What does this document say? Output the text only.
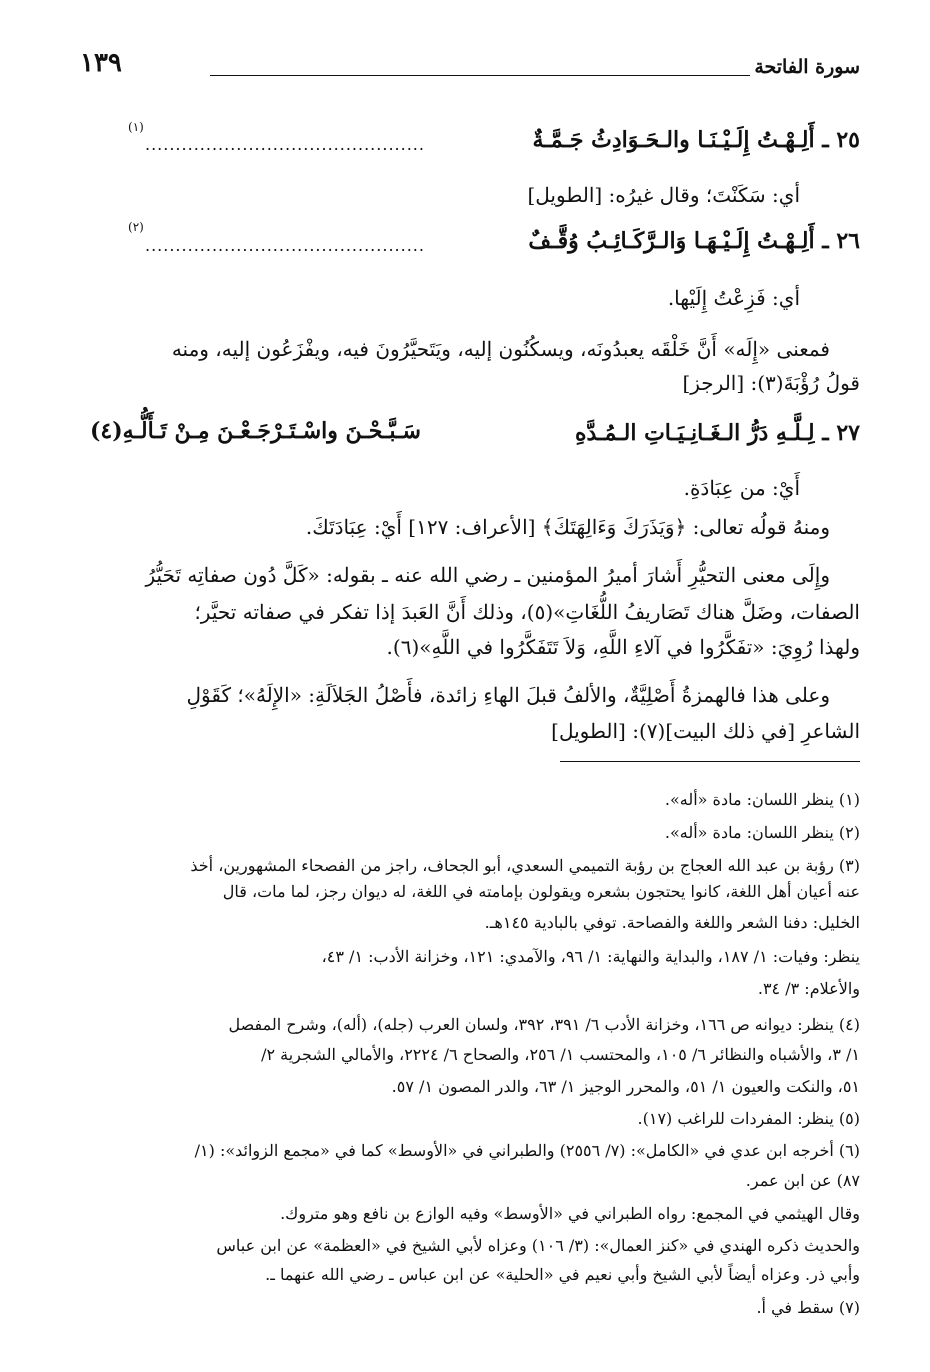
سورة الفاتحة
١٣٩
٢٥ ـ أَلِـهْـتُ إِلَـيْـنَـا والـحَـوَادِثُ جَـمَّـةٌ
..............................................
(١)
أي: سَكَنْتَ؛ وقال غيرُه: [الطويل]
٢٦ ـ أَلِـهْـتُ إِلَـيْـهَـا وَالـرَّكَـائِـبُ وُقَّـفٌ
..............................................
(٢)
أي: فَزِعْتُ إِلَيْها.
فمعنى «إِلَه» أَنَّ خَلْقَه يعبدُونَه، ويسكُنُون إليه، ويَتَحيَّرُونَ فيه، ويفْزَعُون إليه، ومنه
قولُ رُؤْبَةَ(٣): [الرجز]
٢٧ ـ لِـلَّـهِ دَرُّ الـغَـانِـيَـاتِ الـمُـدَّهِ
سَـبَّـحْـنَ واسْـتَـرْجَـعْـنَ مِـنْ تَـأَلُّـهِ(٤)
أَيْ: من عِبَادَةِ.
ومنهُ قولُه تعالى: ﴿وَيَذَرَكَ وَءَالِهَتَكَ﴾ [الأعراف: ١٢٧] أَيْ: عِبَادَتَكَ.
وإِلَى معنى التحيُّرِ أَشارَ أميرُ المؤمنين ـ رضي الله عنه ـ بقوله: «كَلَّ دُون صفاتِه تَحَيُّرُ
الصفات، وضَلَّ هناك تَصَاريفُ اللُّغَاتِ»(٥)، وذلك أَنَّ العَبدَ إذا تفكر في صفاته تحيَّر؛
ولهذا رُوِيَ: «تفَكَّرُوا في آلاءِ اللَّهِ، وَلاَ تَتَفَكَّرُوا في اللَّهِ»(٦).
وعلى هذا فالهمزةُ أَصْلِيَّةٌ، والألفُ قبلَ الهاءِ زائدة، فأَصْلُ الجَلاَلَةِ: «الإِلَهُ»؛ كَقَوْلِ
الشاعرِ [في ذلك البيت](٧): [الطويل]
(١) ينظر اللسان: مادة «أله».
(٢) ينظر اللسان: مادة «أله».
(٣) رؤبة بن عبد الله العجاج بن رؤبة التميمي السعدي، أبو الجحاف، راجز من الفصحاء المشهورين، أخذ
عنه أعيان أهل اللغة، كانوا يحتجون بشعره ويقولون بإمامته في اللغة، له ديوان رجز، لما مات، قال
الخليل: دفنا الشعر واللغة والفصاحة. توفي بالبادية ١٤٥هـ.
ينظر: وفيات: ١/ ١٨٧، والبداية والنهاية: ١/ ٩٦، والآمدي: ١٢١، وخزانة الأدب: ١/ ٤٣،
والأعلام: ٣/ ٣٤.
(٤) ينظر: ديوانه ص ١٦٦، وخزانة الأدب ٦/ ٣٩١، ٣٩٢، ولسان العرب (جله)، (أله)، وشرح المفصل
١/ ٣، والأشباه والنظائر ٦/ ١٠٥، والمحتسب ١/ ٢٥٦، والصحاح ٦/ ٢٢٢٤، والأمالي الشجرية ٢/
٥١، والنكت والعيون ١/ ٥١، والمحرر الوجيز ١/ ٦٣، والدر المصون ١/ ٥٧.
(٥) ينظر: المفردات للراغب (١٧).
(٦) أخرجه ابن عدي في «الكامل»: (٧/ ٢٥٥٦) والطبراني في «الأوسط» كما في «مجمع الزوائد»: (١/
٨٧) عن ابن عمر.
وقال الهيثمي في المجمع: رواه الطبراني في «الأوسط» وفيه الوازع بن نافع وهو متروك.
والحديث ذكره الهندي في «كنز العمال»: (٣/ ١٠٦) وعزاه لأبي الشيخ في «العظمة» عن ابن عباس
وأبي ذر. وعزاه أيضاً لأبي الشيخ وأبي نعيم في «الحلية» عن ابن عباس ـ رضي الله عنهما ـ.
(٧) سقط في أ.
